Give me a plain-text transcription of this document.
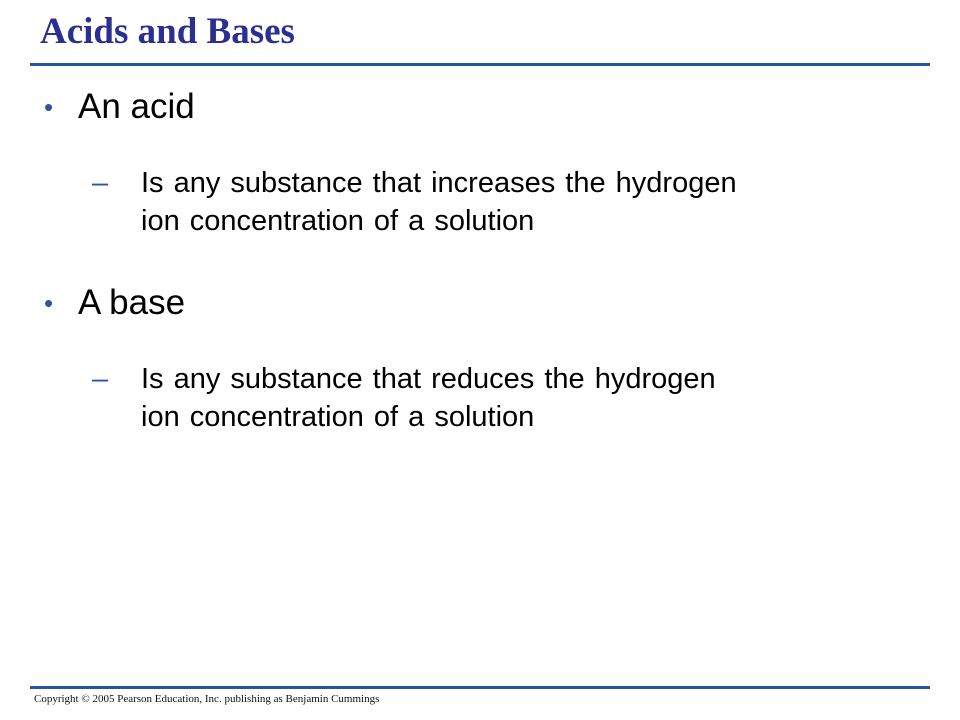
Acids and Bases
• An acid
– Is any substance that increases the hydrogen
ion concentration of a solution
• A base
– Is any substance that reduces the hydrogen
ion concentration of a solution
Copyright © 2005 Pearson Education, Inc. publishing as Benjamin Cummings
